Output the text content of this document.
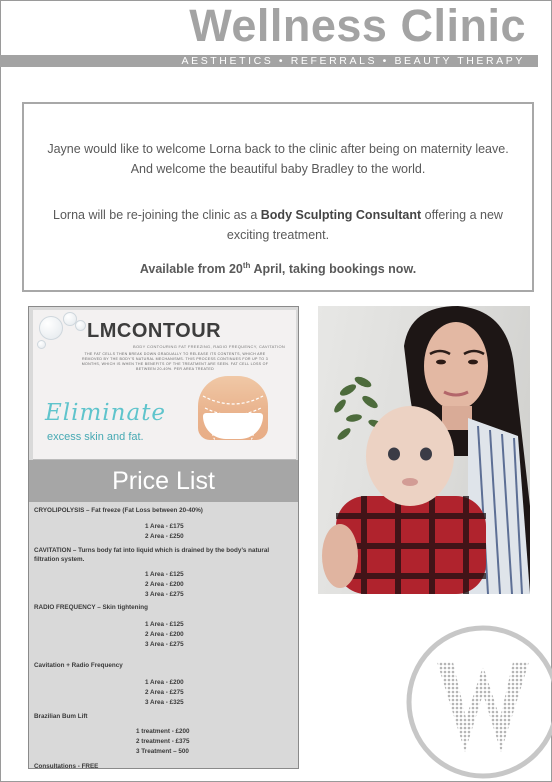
Wellness Clinic
AESTHETICS • REFERRALS • BEAUTY THERAPY

Jayne would like to welcome Lorna back to the clinic after being on maternity leave. And welcome the beautiful baby Bradley to the world.

Lorna will be re-joining the clinic as a Body Sculpting Consultant offering a new exciting treatment.

Available from 20th April, taking bookings now.

LMCONTOUR
BODY CONTOURING FAT FREEZING, RADIO FREQUENCY, CAVITATION
THE FAT CELLS THEN BREAK DOWN GRADUALLY TO RELEASE ITS CONTENTS, WHICH ARE REMOVED BY THE BODY'S NATURAL MECHANISMS. THIS PROCESS CONTINUES FOR UP TO 3 MONTHS, WHICH IS WHEN THE BENEFITS OF THE TREATMENT ARE SEEN. FAT CELL LOSS OF BETWEEN 20-40%. PER AREA TREATED
Eliminate
excess skin and fat.
Price List
CRYOLIPOLYSIS – Fat freeze (Fat Loss between 20-40%)
1 Area - £175
2 Area - £250
CAVITATION – Turns body fat into liquid which is drained by the body’s natural filtration system.
1 Area - £125
2 Area - £200
3 Area - £275
RADIO FREQUENCY – Skin tightening
1 Area - £125
2 Area - £200
3 Area - £275
Cavitation + Radio Frequency
1 Area - £200
2 Area - £275
3 Area - £325
Brazilian Bum Lift
1 treatment - £200
2 treatment - £375
3 Treatment – 500
Consultations - FREE
